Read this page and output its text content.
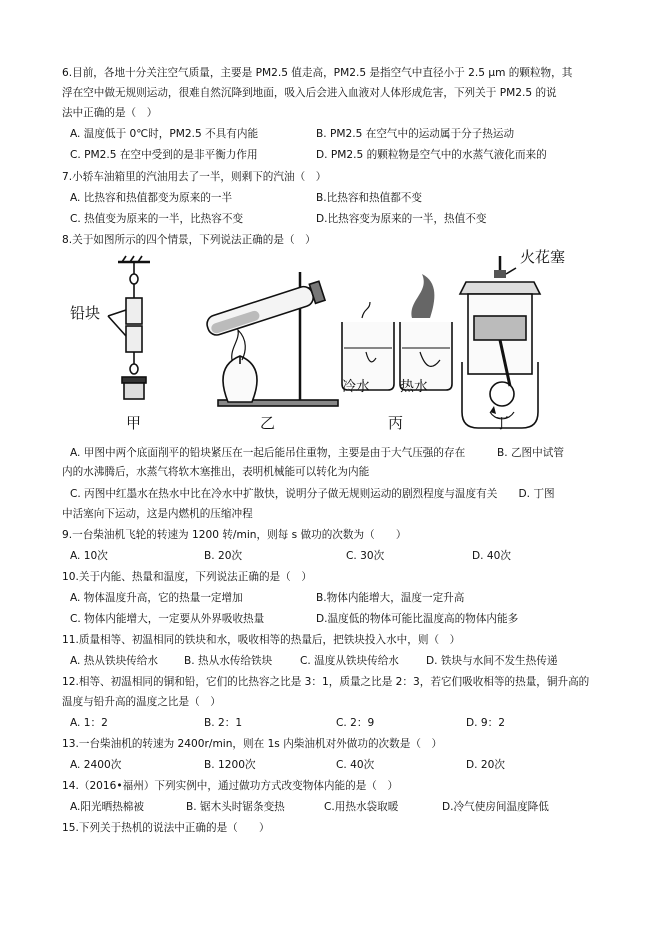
6.目前，各地十分关注空气质量，主要是 PM2.5 值走高，PM2.5 是指空气中直径小于 2.5 μm 的颗粒物，其
浮在空中做无规则运动，很难自然沉降到地面，吸入后会进入血液对人体形成危害，下列关于 PM2.5 的说
法中正确的是（　）
A. 温度低于 0℃时，PM2.5 不具有内能	B. PM2.5 在空气中的运动属于分子热运动
C. PM2.5 在空中受到的是非平衡力作用	D. PM2.5 的颗粒物是空气中的水蒸气液化而来的
7.小轿车油箱里的汽油用去了一半，则剩下的汽油（　）
A. 比热容和热值都变为原来的一半	B.比热容和热值都不变
C. 热值变为原来的一半，比热容不变	D.比热容变为原来的一半，热值不变
8.关于如图所示的四个情景，下列说法正确的是（　）
铅块
火花塞
冷水 热水
甲	乙	丙	丁
A. 甲图中两个底面削平的铅块紧压在一起后能吊住重物，主要是由于大气压强的存在　　　B. 乙图中试管
内的水沸腾后，水蒸气将软木塞推出，表明机械能可以转化为内能
C. 丙图中红墨水在热水中比在冷水中扩散快，说明分子做无规则运动的剧烈程度与温度有关　　D. 丁图
中活塞向下运动，这是内燃机的压缩冲程
9.一台柴油机飞轮的转速为 1200 转/min，则每 s 做功的次数为（　　）
A. 10次	B. 20次	C. 30次	D. 40次
10.关于内能、热量和温度，下列说法正确的是（　）
A. 物体温度升高，它的热量一定增加	B.物体内能增大，温度一定升高
C. 物体内能增大，一定要从外界吸收热量	D.温度低的物体可能比温度高的物体内能多
11.质量相等、初温相同的铁块和水，吸收相等的热量后，把铁块投入水中，则（　）
A. 热从铁块传给水 B. 热从水传给铁块	C. 温度从铁块传给水	D. 铁块与水间不发生热传递
12.相等、初温相同的铜和铅，它们的比热容之比是 3：1，质量之比是 2：3，若它们吸收相等的热量，铜升高的
温度与铅升高的温度之比是（　）
A. 1：2	B. 2：1	C. 2：9	D. 9：2
13.一台柴油机的转速为 2400r/min，则在 1s 内柴油机对外做功的次数是（　）
A. 2400次	B. 1200次	C. 40次	D. 20次
14.（2016•福州）下列实例中，通过做功方式改变物体内能的是（　）
A.阳光晒热棉被	B. 锯木头时锯条变热	C.用热水袋取暖	D.冷气使房间温度降低
15.下列关于热机的说法中正确的是（　　）
